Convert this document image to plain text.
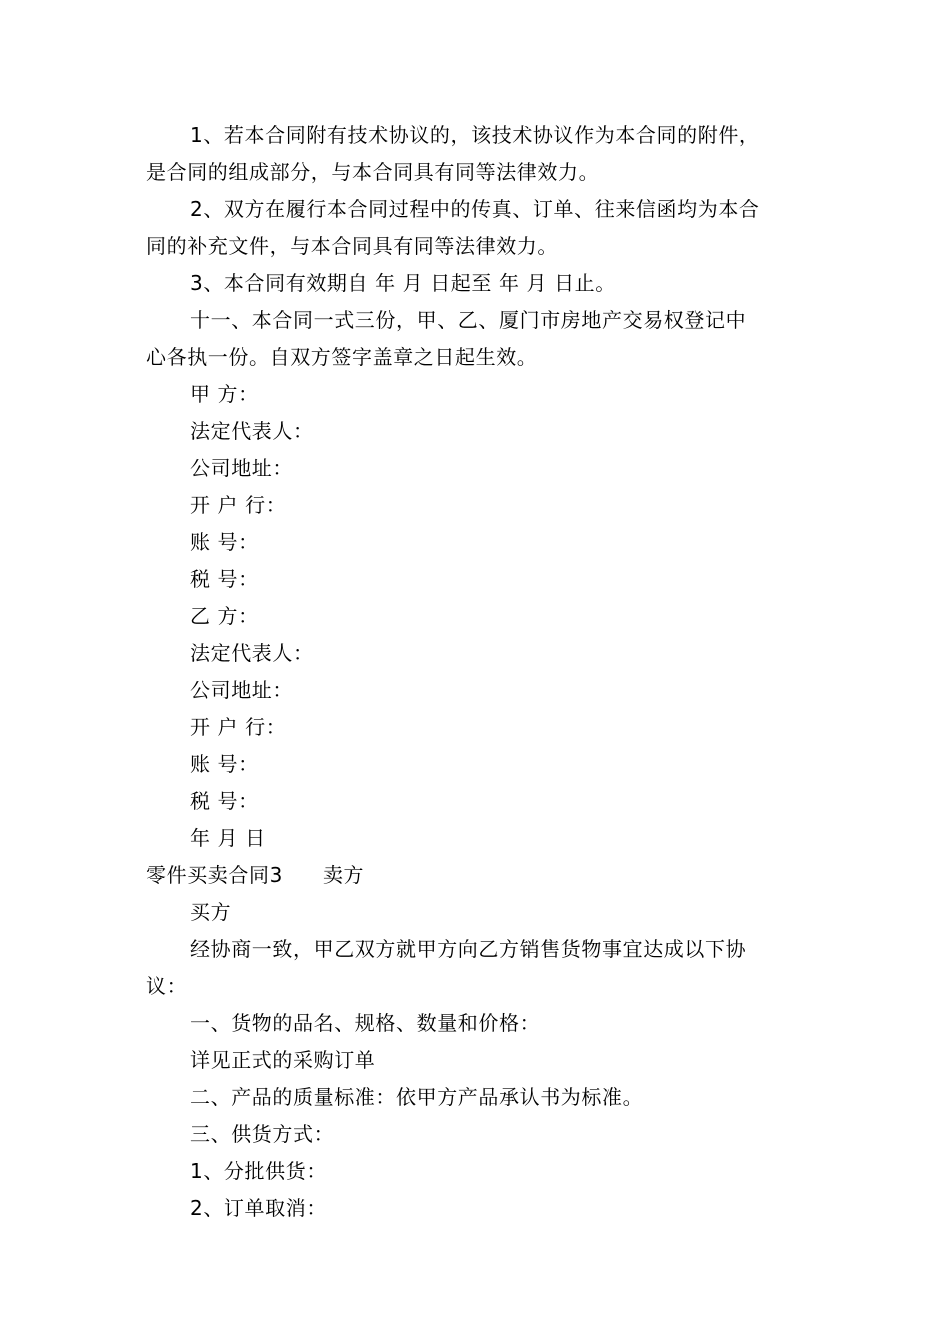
1、若本合同附有技术协议的，该技术协议作为本合同的附件，
是合同的组成部分，与本合同具有同等法律效力。
2、双方在履行本合同过程中的传真、订单、往来信函均为本合
同的补充文件，与本合同具有同等法律效力。
3、本合同有效期自 年 月 日起至 年 月 日止。
十一、本合同一式三份，甲、乙、厦门市房地产交易权登记中
心各执一份。自双方签字盖章之日起生效。
甲 方：
法定代表人：
公司地址：
开 户 行：
账 号：
税 号：
乙 方：
法定代表人：
公司地址：
开 户 行：
账 号：
税 号：
年 月 日
零件买卖合同3 卖方
买方
经协商一致，甲乙双方就甲方向乙方销售货物事宜达成以下协
议：
一、货物的品名、规格、数量和价格：
详见正式的采购订单
二、产品的质量标准：依甲方产品承认书为标准。
三、供货方式：
1、分批供货：
2、订单取消：
